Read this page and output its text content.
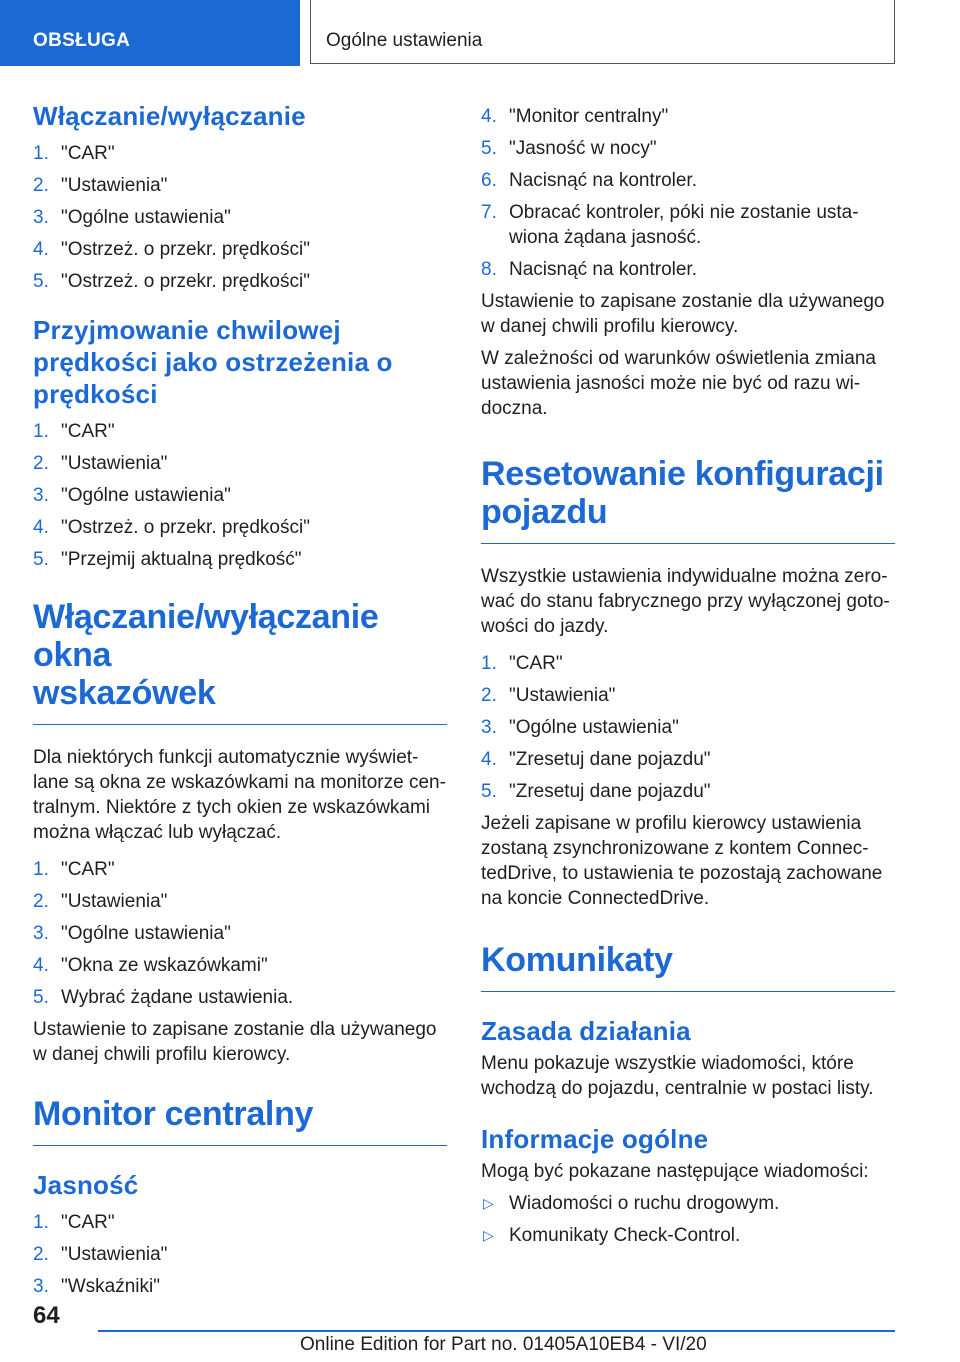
OBSŁUGA	Ogólne ustawienia
Włączanie/wyłączanie
1. "CAR"
2. "Ustawienia"
3. "Ogólne ustawienia"
4. "Ostrzeż. o przekr. prędkości"
5. "Ostrzeż. o przekr. prędkości"
Przyjmowanie chwilowej
prędkości jako ostrzeżenia o
prędkości
1. "CAR"
2. "Ustawienia"
3. "Ogólne ustawienia"
4. "Ostrzeż. o przekr. prędkości"
5. "Przejmij aktualną prędkość"
Włączanie/wyłączanie okna
wskazówek

Dla niektórych funkcji automatycznie wyświet‐
lane są okna ze wskazówkami na monitorze cen‐
tralnym. Niektóre z tych okien ze wskazówkami
można włączać lub wyłączać.

1. "CAR"
2. "Ustawienia"
3. "Ogólne ustawienia"
4. "Okna ze wskazówkami"
5. Wybrać żądane ustawienia.

Ustawienie to zapisane zostanie dla używanego
w danej chwili profilu kierowcy.

Monitor centralny
Jasność
1. "CAR"
2. "Ustawienia"
3. "Wskaźniki"
4. "Monitor centralny"
5. "Jasność w nocy"
6. Nacisnąć na kontroler.
7. Obracać kontroler, póki nie zostanie usta‐
wiona żądana jasność.
8. Nacisnąć na kontroler.

Ustawienie to zapisane zostanie dla używanego
w danej chwili profilu kierowcy.

W zależności od warunków oświetlenia zmiana
ustawienia jasności może nie być od razu wi‐
doczna.

Resetowanie konfiguracji
pojazdu

Wszystkie ustawienia indywidualne można zero‐
wać do stanu fabrycznego przy wyłączonej goto‐
wości do jazdy.

1. "CAR"
2. "Ustawienia"
3. "Ogólne ustawienia"
4. "Zresetuj dane pojazdu"
5. "Zresetuj dane pojazdu"

Jeżeli zapisane w profilu kierowcy ustawienia
zostaną zsynchronizowane z kontem Connec‐
tedDrive, to ustawienia te pozostają zachowane
na koncie ConnectedDrive.

Komunikaty
Zasada działania

Menu pokazuje wszystkie wiadomości, które
wchodzą do pojazdu, centralnie w postaci listy.

Informacje ogólne

Mogą być pokazane następujące wiadomości:

▷ Wiadomości o ruchu drogowym.
▷ Komunikaty Check-Control.
64
Online Edition for Part no. 01405A10EB4 - VI/20
